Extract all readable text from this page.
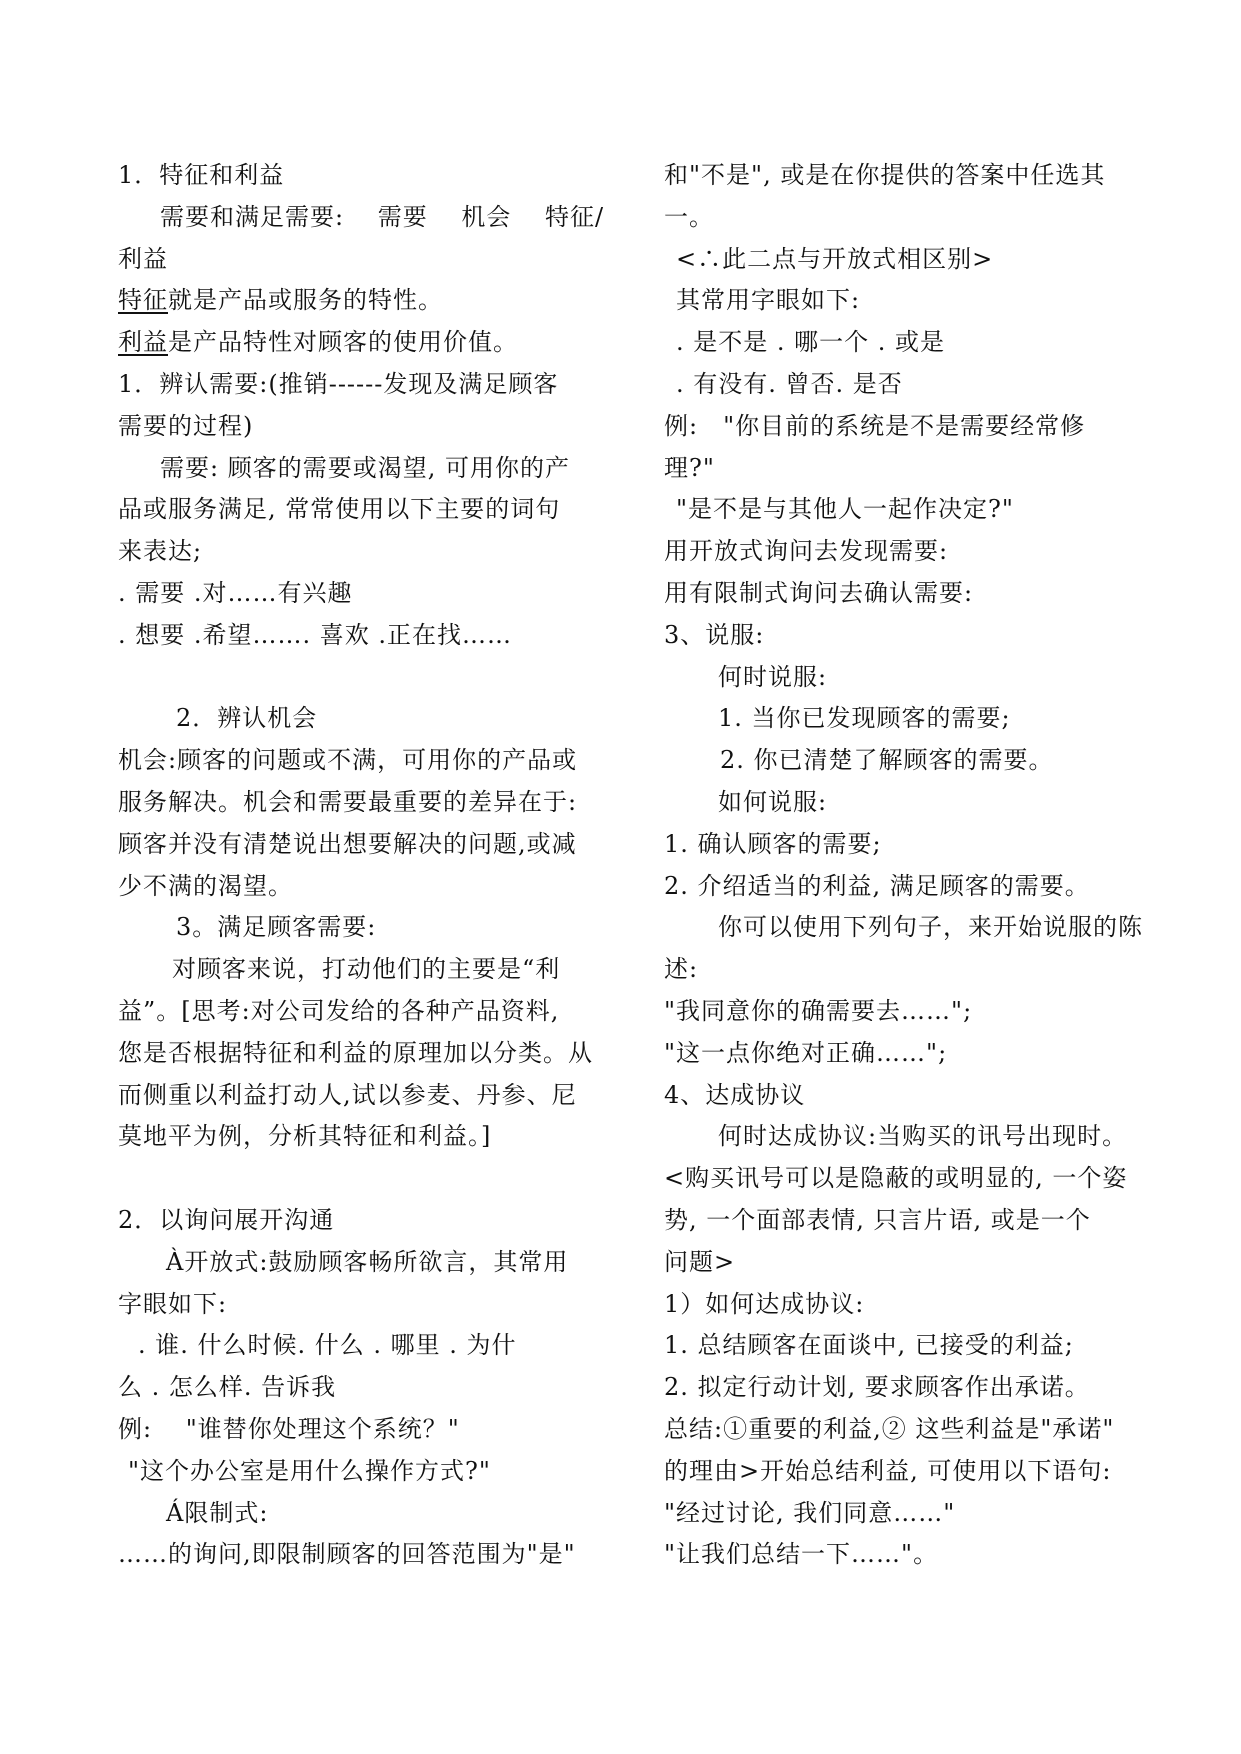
1．特征和利益
需要和满足需要:　 需要　 机会　 特征/
利益
特征就是产品或服务的特性。
利益是产品特性对顾客的使用价值。
1．辨认需要:(推销------发现及满足顾客
需要的过程)
需要: 顾客的需要或渴望, 可用你的产
品或服务满足, 常常使用以下主要的词句
来表达;
. 需要 .对……有兴趣
. 想要 .希望……. 喜欢 .正在找……
2．辨认机会
机会:顾客的问题或不满，可用你的产品或
服务解决。机会和需要最重要的差异在于:
顾客并没有清楚说出想要解决的问题,或减
少不满的渴望。
3。满足顾客需要:
对顾客来说，打动他们的主要是“利
益”。[思考:对公司发给的各种产品资料,
您是否根据特征和利益的原理加以分类。从
而侧重以利益打动人,试以参麦、丹参、尼
莫地平为例，分析其特征和利益。]
2．以询问展开沟通
À开放式:鼓励顾客畅所欲言，其常用
字眼如下:
. 谁. 什么时候. 什么 . 哪里 . 为什
么 . 怎么样. 告诉我
例:　 "谁替你处理这个系统？"
"这个办公室是用什么操作方式?"
Á限制式:
……的询问,即限制顾客的回答范围为"是"
和"不是", 或是在你提供的答案中任选其
一。
<∴此二点与开放式相区别>
其常用字眼如下:
. 是不是 . 哪一个 . 或是
. 有没有. 曾否. 是否
例:　"你目前的系统是不是需要经常修
理?"
"是不是与其他人一起作决定?"
用开放式询问去发现需要:
用有限制式询问去确认需要:
3、说服:
何时说服:
1. 当你已发现顾客的需要;
2. 你已清楚了解顾客的需要。
如何说服:
1. 确认顾客的需要;
2. 介绍适当的利益, 满足顾客的需要。
你可以使用下列句子，来开始说服的陈
述:
"我同意你的确需要去……";
"这一点你绝对正确……";
4、达成协议
何时达成协议:当购买的讯号出现时。
<购买讯号可以是隐蔽的或明显的, 一个姿
势, 一个面部表情, 只言片语, 或是一个
问题>
1）如何达成协议:
1. 总结顾客在面谈中, 已接受的利益;
2. 拟定行动计划, 要求顾客作出承诺。
总结:①重要的利益,② 这些利益是"承诺"
的理由>开始总结利益, 可使用以下语句:
"经过讨论, 我们同意……"
"让我们总结一下……"。
